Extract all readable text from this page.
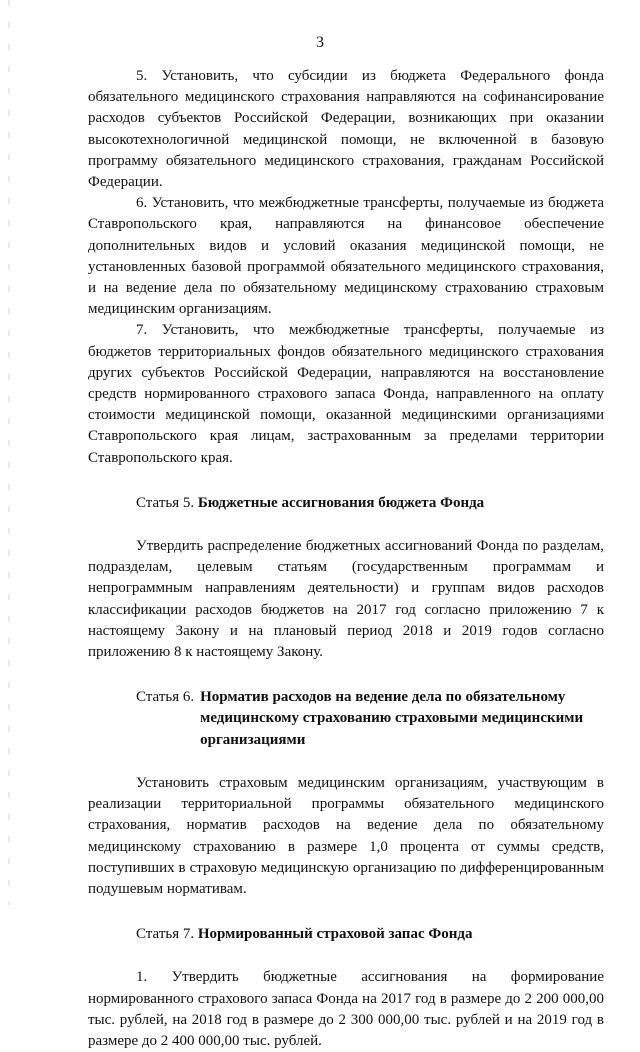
3

5. Установить, что субсидии из бюджета Федерального фонда обязательного медицинского страхования направляются на софинансирование расходов субъектов Российской Федерации, возникающих при оказании высокотехнологичной медицинской помощи, не включенной в базовую программу обязательного медицинского страхования, гражданам Российской Федерации.

6. Установить, что межбюджетные трансферты, получаемые из бюджета Ставропольского края, направляются на финансовое обеспечение дополнительных видов и условий оказания медицинской помощи, не установленных базовой программой обязательного медицинского страхования, и на ведение дела по обязательному медицинскому страхованию страховым медицинским организациям.

7. Установить, что межбюджетные трансферты, получаемые из бюджетов территориальных фондов обязательного медицинского страхования других субъектов Российской Федерации, направляются на восстановление средств нормированного страхового запаса Фонда, направленного на оплату стоимости медицинской помощи, оказанной медицинскими организациями Ставропольского края лицам, застрахованным за пределами территории Ставропольского края.

Статья 5. Бюджетные ассигнования бюджета Фонда

Утвердить распределение бюджетных ассигнований Фонда по разделам, подразделам, целевым статьям (государственным программам и непрограммным направлениям деятельности) и группам видов расходов классификации расходов бюджетов на 2017 год согласно приложению 7 к настоящему Закону и на плановый период 2018 и 2019 годов согласно приложению 8 к настоящему Закону.

Статья 6. Норматив расходов на ведение дела по обязательному медицинскому страхованию страховыми медицинскими организациями

Установить страховым медицинским организациям, участвующим в реализации территориальной программы обязательного медицинского страхования, норматив расходов на ведение дела по обязательному медицинскому страхованию в размере 1,0 процента от суммы средств, поступивших в страховую медицинскую организацию по дифференцированным подушевым нормативам.

Статья 7. Нормированный страховой запас Фонда

1. Утвердить бюджетные ассигнования на формирование нормированного страхового запаса Фонда на 2017 год в размере до 2 200 000,00 тыс. рублей, на 2018 год в размере до 2 300 000,00 тыс. рублей и на 2019 год в размере до 2 400 000,00 тыс. рублей.
